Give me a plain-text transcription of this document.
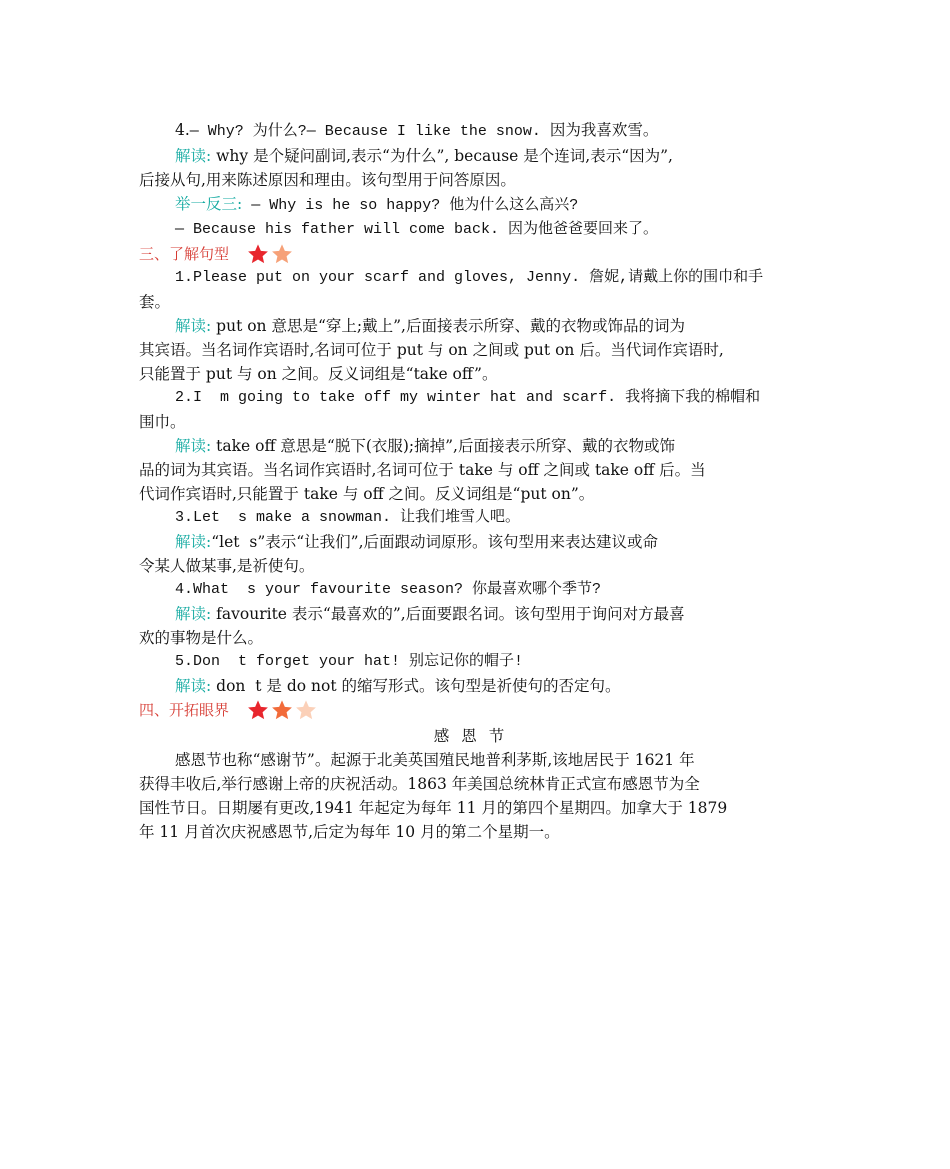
4.— Why? 为什么?— Because I like the snow. 因为我喜欢雪。

解读: why 是个疑问副词,表示“为什么”, because 是个连词,表示“因为”,

后接从句,用来陈述原因和理由。该句型用于问答原因。

举一反三: — Why is he so happy? 他为什么这么高兴?

— Because his father will come back. 因为他爸爸要回来了。

三、了解句型

1.Please put on your scarf and gloves, Jenny. 詹妮,请戴上你的围巾和手

套。

解读: put on 意思是“穿上;戴上”,后面接表示所穿、戴的衣物或饰品的词为

其宾语。当名词作宾语时,名词可位于 put 与 on 之间或 put on 后。当代词作宾语时,

只能置于 put 与 on 之间。反义词组是“take off”。

2.I  m going to take off my winter hat and scarf. 我将摘下我的棉帽和

围巾。

解读: take off 意思是“脱下(衣服);摘掉”,后面接表示所穿、戴的衣物或饰

品的词为其宾语。当名词作宾语时,名词可位于 take 与 off 之间或 take off 后。当

代词作宾语时,只能置于 take 与 off 之间。反义词组是“put on”。

3.Let  s make a snowman. 让我们堆雪人吧。

解读:“let  s”表示“让我们”,后面跟动词原形。该句型用来表达建议或命

令某人做某事,是祈使句。

4.What  s your favourite season? 你最喜欢哪个季节?

解读: favourite 表示“最喜欢的”,后面要跟名词。该句型用于询问对方最喜

欢的事物是什么。

5.Don  t forget your hat! 别忘记你的帽子!

解读: don  t 是 do not 的缩写形式。该句型是祈使句的否定句。

四、开拓眼界

感恩节

感恩节也称“感谢节”。起源于北美英国殖民地普利茅斯,该地居民于 1621 年

获得丰收后,举行感谢上帝的庆祝活动。1863 年美国总统林肯正式宣布感恩节为全

国性节日。日期屡有更改,1941 年起定为每年 11 月的第四个星期四。加拿大于 1879

年 11 月首次庆祝感恩节,后定为每年 10 月的第二个星期一。
